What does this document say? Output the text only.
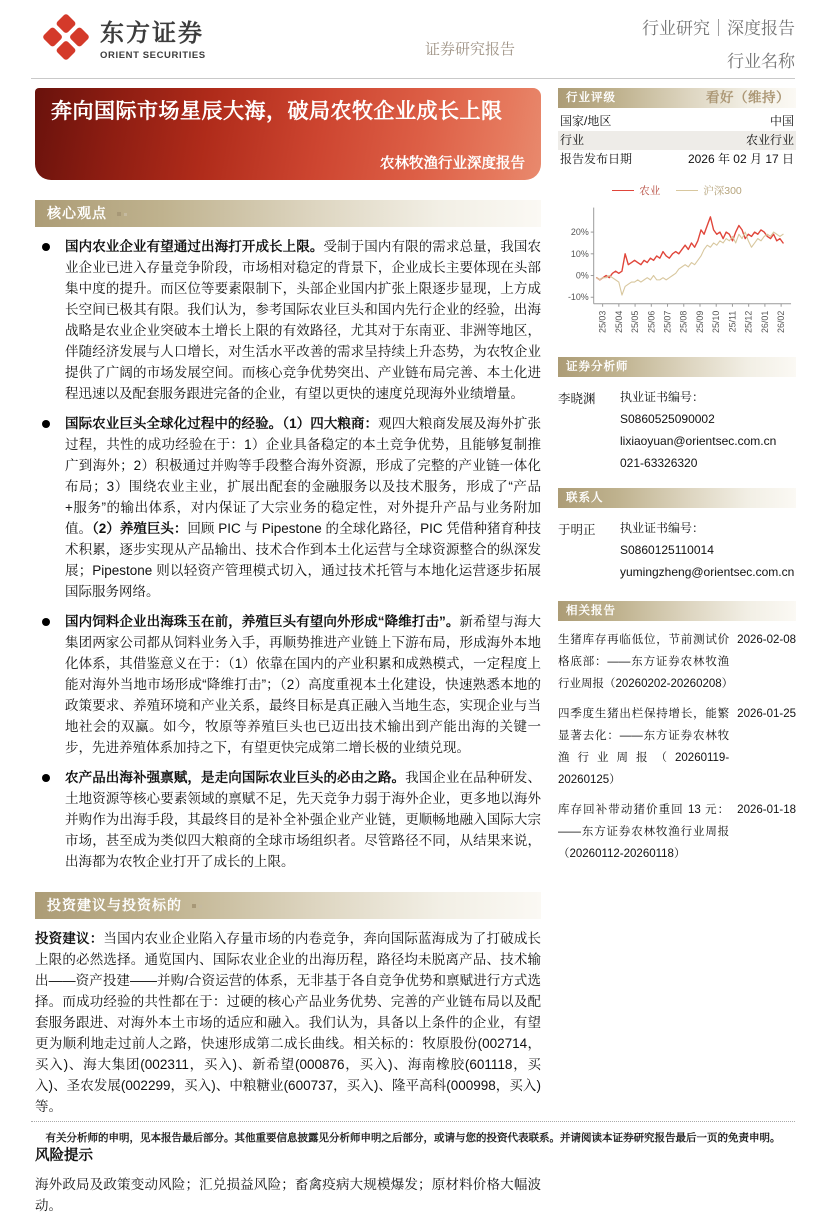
东方证券
ORIENT SECURITIES	证券研究报告
行业研究｜深度报告
行业名称
奔向国际市场星辰大海，破局农牧企业成长上限
农林牧渔行业深度报告
核心观点
国内农业企业有望通过出海打开成长上限。受制于国内有限的需求总量，我国农业企业已进入存量竞争阶段，市场相对稳定的背景下，企业成长主要体现在头部集中度的提升。而区位等要素限制下，头部企业国内扩张上限逐步显现，上方成长空间已极其有限。我们认为，参考国际农业巨头和国内先行企业的经验，出海战略是农业企业突破本土增长上限的有效路径，尤其对于东南亚、非洲等地区，伴随经济发展与人口增长，对生活水平改善的需求呈持续上升态势，为农牧企业提供了广阔的市场发展空间。而核心竞争优势突出、产业链布局完善、本土化进程迅速以及配套服务跟进完备的企业，有望以更快的速度兑现海外业绩增量。
国际农业巨头全球化过程中的经验。（1）四大粮商：观四大粮商发展及海外扩张过程，共性的成功经验在于：1）企业具备稳定的本土竞争优势，且能够复制推广到海外；2）积极通过并购等手段整合海外资源，形成了完整的产业链一体化布局；3）围绕农业主业，扩展出配套的金融服务以及技术服务，形成了“产品+服务”的输出体系，对内保证了大宗业务的稳定性，对外提升产品与业务附加值。（2）养殖巨头：回顾 PIC 与 Pipestone 的全球化路径，PIC 凭借种猪育种技术积累，逐步实现从产品输出、技术合作到本土化运营与全球资源整合的纵深发展；Pipestone 则以轻资产管理模式切入，通过技术托管与本地化运营逐步拓展国际服务网络。
国内饲料企业出海珠玉在前，养殖巨头有望向外形成“降维打击”。新希望与海大集团两家公司都从饲料业务入手，再顺势推进产业链上下游布局，形成海外本地化体系，其借鉴意义在于：（1）依靠在国内的产业积累和成熟模式，一定程度上能对海外当地市场形成“降维打击”；（2）高度重视本土化建设，快速熟悉本地的政策要求、养殖环境和产业关系，最终目标是真正融入当地生态，实现企业与当地社会的双赢。如今，牧原等养殖巨头也已迈出技术输出到产能出海的关键一步，先进养殖体系加持之下，有望更快完成第二增长极的业绩兑现。
农产品出海补强禀赋，是走向国际农业巨头的必由之路。我国企业在品种研发、土地资源等核心要素领域的禀赋不足，先天竞争力弱于海外企业，更多地以海外并购作为出海手段，其最终目的是补全补强企业产业链，更顺畅地融入国际大宗市场，甚至成为类似四大粮商的全球市场组织者。尽管路径不同，从结果来说，出海都为农牧企业打开了成长的上限。
投资建议与投资标的

投资建议：当国内农业企业陷入存量市场的内卷竞争，奔向国际蓝海成为了打破成长上限的必然选择。通览国内、国际农业企业的出海历程，路径均未脱离产品、技术输出——资产投建——并购/合资运营的体系，无非基于各自竞争优势和禀赋进行方式选择。而成功经验的共性都在于：过硬的核心产品业务优势、完善的产业链布局以及配套服务跟进、对海外本土市场的适应和融入。我们认为，具备以上条件的企业，有望更为顺利地走过前人之路，快速形成第二成长曲线。相关标的：牧原股份(002714，买入)、海大集团(002311，买入)、新希望(000876，买入)、海南橡胶(601118，买入)、圣农发展(002299，买入)、中粮糖业(600737，买入)、隆平高科(000998，买入)等。

风险提示

海外政局及政策变动风险；汇兑损益风险；畜禽疫病大规模爆发；原材料价格大幅波动。

行业评级	看好（维持）
国家/地区	中国
行业	农业行业
报告发布日期	2026 年 02 月 17 日
农业	沪深300
20%
10%
0%
-10%
25/03 25/04 25/05 25/06 25/07 25/08 25/09 25/10 25/11 25/12 26/01 26/02
证券分析师
李晓渊	执业证书编号：S0860525090002
lixiaoyuan@orientsec.com.cn
021-63326320
联系人
于明正	执业证书编号：S0860125110014
yumingzheng@orientsec.com.cn
相关报告
生猪库存再临低位，节前测试价格底部：——东方证券农林牧渔行业周报（20260202-20260208）
2026-02-08
四季度生猪出栏保持增长，能繁显著去化：——东方证券农林牧渔行业周报（20260119-20260125）
2026-01-25
库存回补带动猪价重回 13 元：——东方证券农林牧渔行业周报（20260112-20260118）
2026-01-18
有关分析师的申明，见本报告最后部分。其他重要信息披露见分析师申明之后部分，或请与您的投资代表联系。并请阅读本证券研究报告最后一页的免责申明。
